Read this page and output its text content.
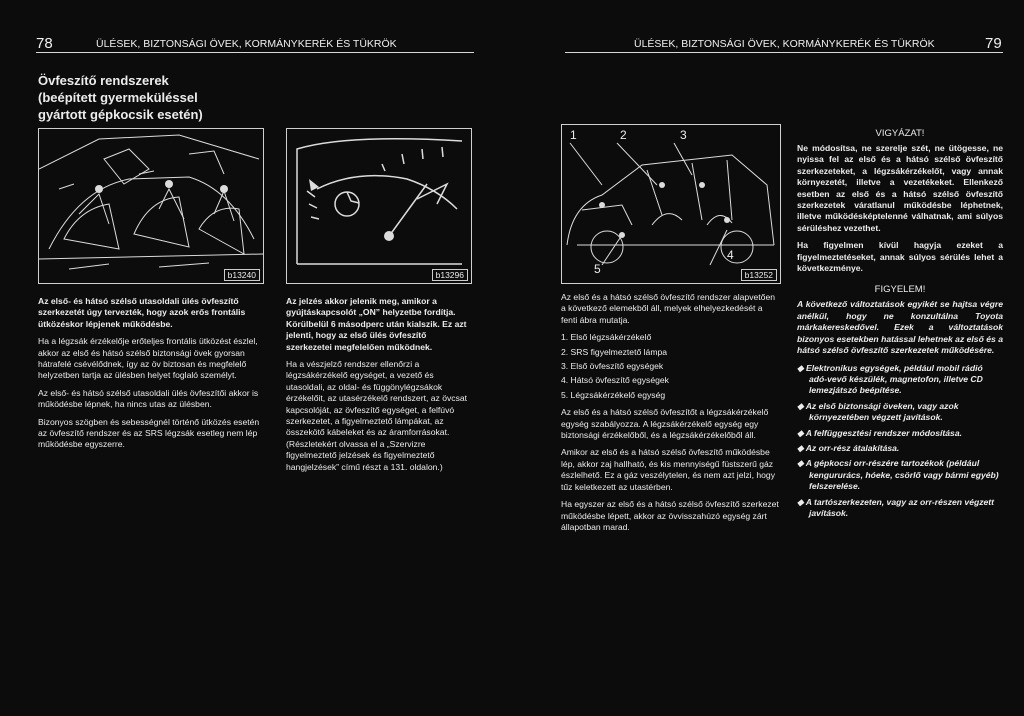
78	ÜLÉSEK, BIZTONSÁGI ÖVEK, KORMÁNYKERÉK ÉS TÜKRÖK	ÜLÉSEK, BIZTONSÁGI ÖVEK, KORMÁNYKERÉK ÉS TÜKRÖK	79
Övfeszítő rendszerek
(beépített gyermeküléssel
gyártott gépkocsik esetén)
b13240	b13296
1	2	3
4
5	b13252

Az első- és hátsó szélső utasoldali ülés övfeszítő szerkezetét úgy tervezték, hogy azok erős frontális ütközéskor lépjenek működésbe.

Ha a légzsák érzékelője erőteljes frontális ütközést észlel, akkor az első és hátsó szélső biztonsági övek gyorsan hátrafelé csévélődnek, így az öv biztosan és megfelelő helyzetben tartja az ülésben helyet foglaló személyt.

Az első- és hátsó szélső utasoldali ülés övfeszítői akkor is működésbe lépnek, ha nincs utas az ülésben.

Bizonyos szögben és sebességnél történő ütközés esetén az övfeszítő rendszer és az SRS légzsák esetleg nem lép működésbe egyszerre.

Az jelzés akkor jelenik meg, amikor a gyújtáskapcsolót „ON” helyzetbe fordítja. Körülbelül 6 másodperc után kialszik. Ez azt jelenti, hogy az első ülés övfeszítő szerkezetei megfelelően működnek.

Ha a vészjelző rendszer ellenőrzi a légzsákérzékelő egységet, a vezető és utasoldali, az oldal- és függönylégzsákok érzékelőit, az utasérzékelő rendszert, az övcsat kapcsolóját, az övfeszítő egységet, a felfúvó szerkezetet, a figyelmeztető lámpákat, az összekötő kábeleket és az áramforrásokat. (Részletekért olvassa el a „Szervizre figyelmeztető jelzések és figyelmeztető hangjelzések” című részt a 131. oldalon.)

Az első és a hátsó szélső övfeszítő rendszer alapvetően a következő elemekből áll, melyek elhelyezkedését a fenti ábra mutatja.

1. Első légzsákérzékelő
2. SRS figyelmeztető lámpa
3. Első övfeszítő egységek
4. Hátsó övfeszítő egységek
5. Légzsákérzékelő egység

Az első és a hátsó szélső övfeszítőt a légzsákérzékelő egység szabályozza. A légzsákérzékelő egység egy biztonsági érzékelőből, és a légzsákérzékelőből áll.

Amikor az első és a hátsó szélső övfeszítő működésbe lép, akkor zaj hallható, és kis mennyiségű füstszerű gáz észlelhető. Ez a gáz veszélytelen, és nem azt jelzi, hogy tűz keletkezett az utastérben.

Ha egyszer az első és a hátsó szélső övfeszítő szerkezet működésbe lépett, akkor az övvisszahúzó egység zárt állapotban marad.

VIGYÁZAT!

Ne módosítsa, ne szerelje szét, ne ütögesse, ne nyissa fel az első és a hátsó szélső övfeszítő szerkezeteket, a légzsákérzékelőt, vagy annak környezetét, illetve a vezetékeket. Ellenkező esetben az első és a hátsó szélső övfeszítő szerkezetek váratlanul működésbe léphetnek, illetve működésképtelenné válhatnak, ami súlyos sérüléshez vezethet.

Ha figyelmen kívül hagyja ezeket a figyelmeztetéseket, annak súlyos sérülés lehet a következménye.

FIGYELEM!

A következő változtatások egyikét se hajtsa végre anélkül, hogy ne konzultálna Toyota márkakereskedővel. Ezek a változtatások bizonyos esetekben hatással lehetnek az első és a hátsó szélső övfeszítő szerkezetek működésére.

◆ Elektronikus egységek, például mobil rádió adó-vevő készülék, magnetofon, illetve CD lemezjátszó beépítése.
◆ Az első biztonsági öveken, vagy azok környezetében végzett javítások.
◆ A felfüggesztési rendszer módosítása.
◆ Az orr-rész átalakítása.
◆ A gépkocsi orr-részére tartozékok (például kengururács, hóeke, csörlő vagy bármi egyéb) felszerelése.
◆ A tartószerkezeten, vagy az orr-részen végzett javítások.
